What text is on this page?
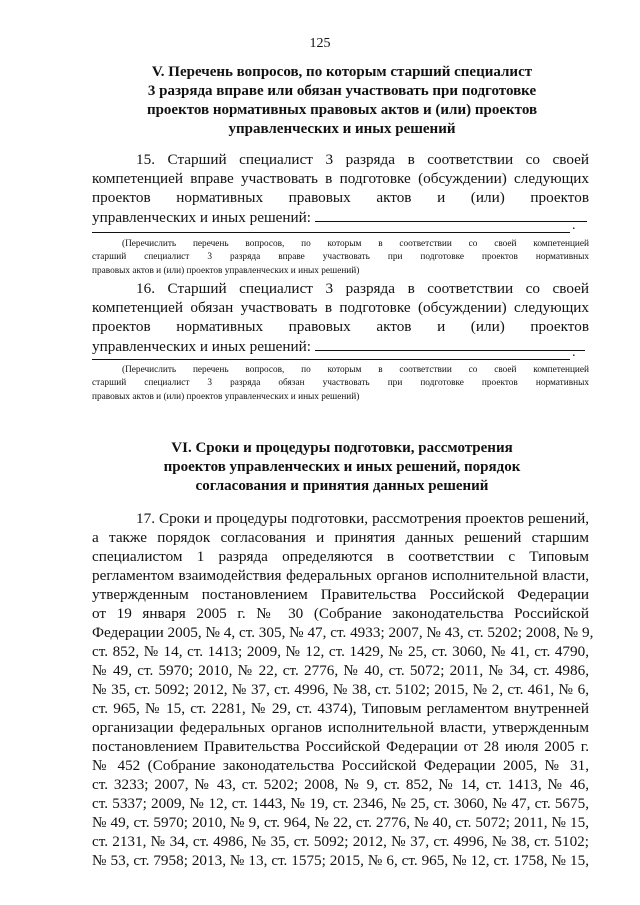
125
V. Перечень вопросов, по которым старший специалист
3 разряда вправе или обязан участвовать при подготовке
проектов нормативных правовых актов и (или) проектов
управленческих и иных решений
15. Старший специалист 3 разряда в соответствии со своей
компетенцией вправе участвовать в подготовке (обсуждении) следующих
проектов нормативных правовых актов и (или) проектов
управленческих и иных решений:	.
(Перечислить перечень вопросов, по которым в соответствии со своей компетенцией
старший специалист 3 разряда вправе участвовать при подготовке проектов нормативных
правовых актов и (или) проектов управленческих и иных решений)
16. Старший специалист 3 разряда в соответствии со своей
компетенцией обязан участвовать в подготовке (обсуждении) следующих
проектов нормативных правовых актов и (или) проектов
управленческих и иных решений:	.
(Перечислить перечень вопросов, по которым в соответствии со своей компетенцией
старший специалист 3 разряда обязан участвовать при подготовке проектов нормативных
правовых актов и (или) проектов управленческих и иных решений)
VI. Сроки и процедуры подготовки, рассмотрения
проектов управленческих и иных решений, порядок
согласования и принятия данных решений
17. Сроки и процедуры подготовки, рассмотрения проектов решений,
а также порядок согласования и принятия данных решений старшим
специалистом 1 разряда определяются в соответствии с Типовым
регламентом взаимодействия федеральных органов исполнительной власти,
утвержденным постановлением Правительства Российской Федерации
от 19 января 2005 г. № 30 (Собрание законодательства Российской
Федерации 2005, № 4, ст. 305, № 47, ст. 4933; 2007, № 43, ст. 5202; 2008, № 9,
ст. 852, № 14, ст. 1413; 2009, № 12, ст. 1429, № 25, ст. 3060, № 41, ст. 4790,
№ 49, ст. 5970; 2010, № 22, ст. 2776, № 40, ст. 5072; 2011, № 34, ст. 4986,
№ 35, ст. 5092; 2012, № 37, ст. 4996, № 38, ст. 5102; 2015, № 2, ст. 461, № 6,
ст. 965, № 15, ст. 2281, № 29, ст. 4374), Типовым регламентом внутренней
организации федеральных органов исполнительной власти, утвержденным
постановлением Правительства Российской Федерации от 28 июля 2005 г.
№ 452 (Собрание законодательства Российской Федерации 2005, № 31,
ст. 3233; 2007, № 43, ст. 5202; 2008, № 9, ст. 852, № 14, ст. 1413, № 46,
ст. 5337; 2009, № 12, ст. 1443, № 19, ст. 2346, № 25, ст. 3060, № 47, ст. 5675,
№ 49, ст. 5970; 2010, № 9, ст. 964, № 22, ст. 2776, № 40, ст. 5072; 2011, № 15,
ст. 2131, № 34, ст. 4986, № 35, ст. 5092; 2012, № 37, ст. 4996, № 38, ст. 5102;
№ 53, ст. 7958; 2013, № 13, ст. 1575; 2015, № 6, ст. 965, № 12, ст. 1758, № 15,
